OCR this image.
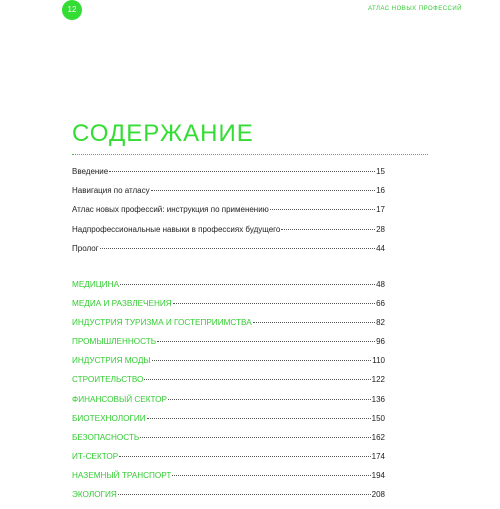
12	АТЛАС НОВЫХ ПРОФЕССИЙ
СОДЕРЖАНИЕ
Введение	15
Навигация по атласу	16
Атлас новых профессий: инструкция по применению	17
Надпрофессиональные навыки в профессиях будущего	28
Пролог	44
МЕДИЦИНА	48
МЕДИА И РАЗВЛЕЧЕНИЯ	66
ИНДУСТРИЯ ТУРИЗМА И ГОСТЕПРИИМСТВА	82
ПРОМЫШЛЕННОСТЬ	96
ИНДУСТРИЯ МОДЫ	110
СТРОИТЕЛЬСТВО	122
ФИНАНСОВЫЙ СЕКТОР	136
БИОТЕХНОЛОГИИ	150
БЕЗОПАСНОСТЬ	162
ИТ-СЕКТОР	174
НАЗЕМНЫЙ ТРАНСПОРТ	194
ЭКОЛОГИЯ	208
